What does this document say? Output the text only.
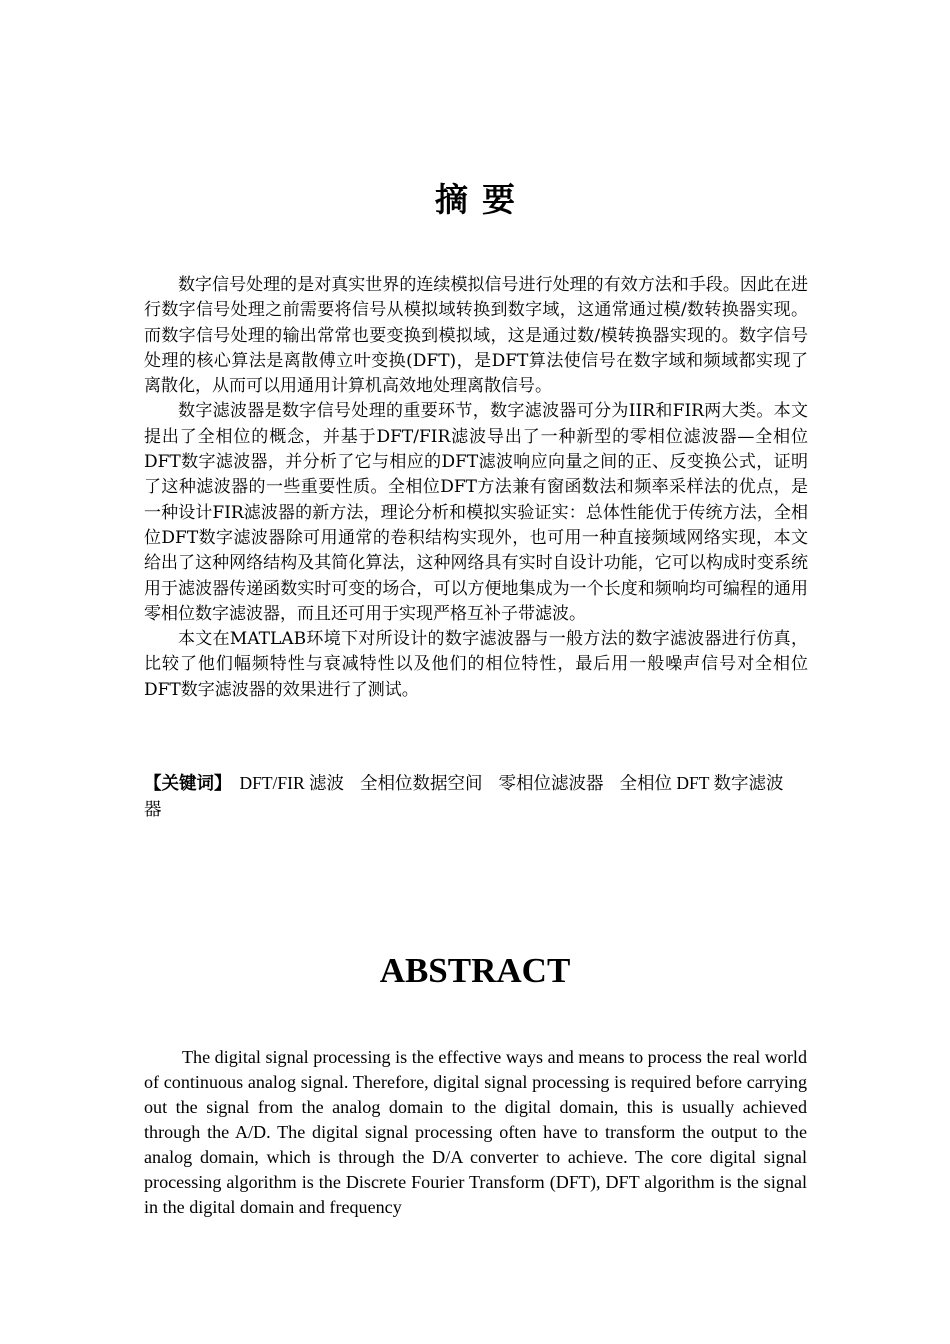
摘要

数字信号处理的是对真实世界的连续模拟信号进行处理的有效方法和手段。因此在进行数字信号处理之前需要将信号从模拟域转换到数字域，这通常通过模/数转换器实现。而数字信号处理的输出常常也要变换到模拟域，这是通过数/模转换器实现的。数字信号处理的核心算法是离散傅立叶变换(DFT)，是DFT算法使信号在数字域和频域都实现了离散化，从而可以用通用计算机高效地处理离散信号。

数字滤波器是数字信号处理的重要环节，数字滤波器可分为IIR和FIR两大类。本文提出了全相位的概念，并基于DFT/FIR滤波导出了一种新型的零相位滤波器—全相位DFT数字滤波器，并分析了它与相应的DFT滤波响应向量之间的正、反变换公式，证明了这种滤波器的一些重要性质。全相位DFT方法兼有窗函数法和频率采样法的优点，是一种设计FIR滤波器的新方法，理论分析和模拟实验证实：总体性能优于传统方法，全相位DFT数字滤波器除可用通常的卷积结构实现外，也可用一种直接频域网络实现，本文给出了这种网络结构及其简化算法，这种网络具有实时自设计功能，它可以构成时变系统用于滤波器传递函数实时可变的场合，可以方便地集成为一个长度和频响均可编程的通用零相位数字滤波器，而且还可用于实现严格互补子带滤波。

本文在MATLAB环境下对所设计的数字滤波器与一般方法的数字滤波器进行仿真，比较了他们幅频特性与衰减特性以及他们的相位特性，最后用一般噪声信号对全相位DFT数字滤波器的效果进行了测试。

【关键词】 DFT/FIR 滤波 全相位数据空间 零相位滤波器 全相位 DFT 数字滤波器
ABSTRACT

The digital signal processing is the effective ways and means to process the real world of continuous analog signal. Therefore, digital signal processing is required before carrying out the signal from the analog domain to the digital domain, this is usually achieved through the A/D. The digital signal processing often have to transform the output to the analog domain, which is through the D/A converter to achieve. The core digital signal processing algorithm is the Discrete Fourier Transform (DFT), DFT algorithm is the signal in the digital domain and frequency
